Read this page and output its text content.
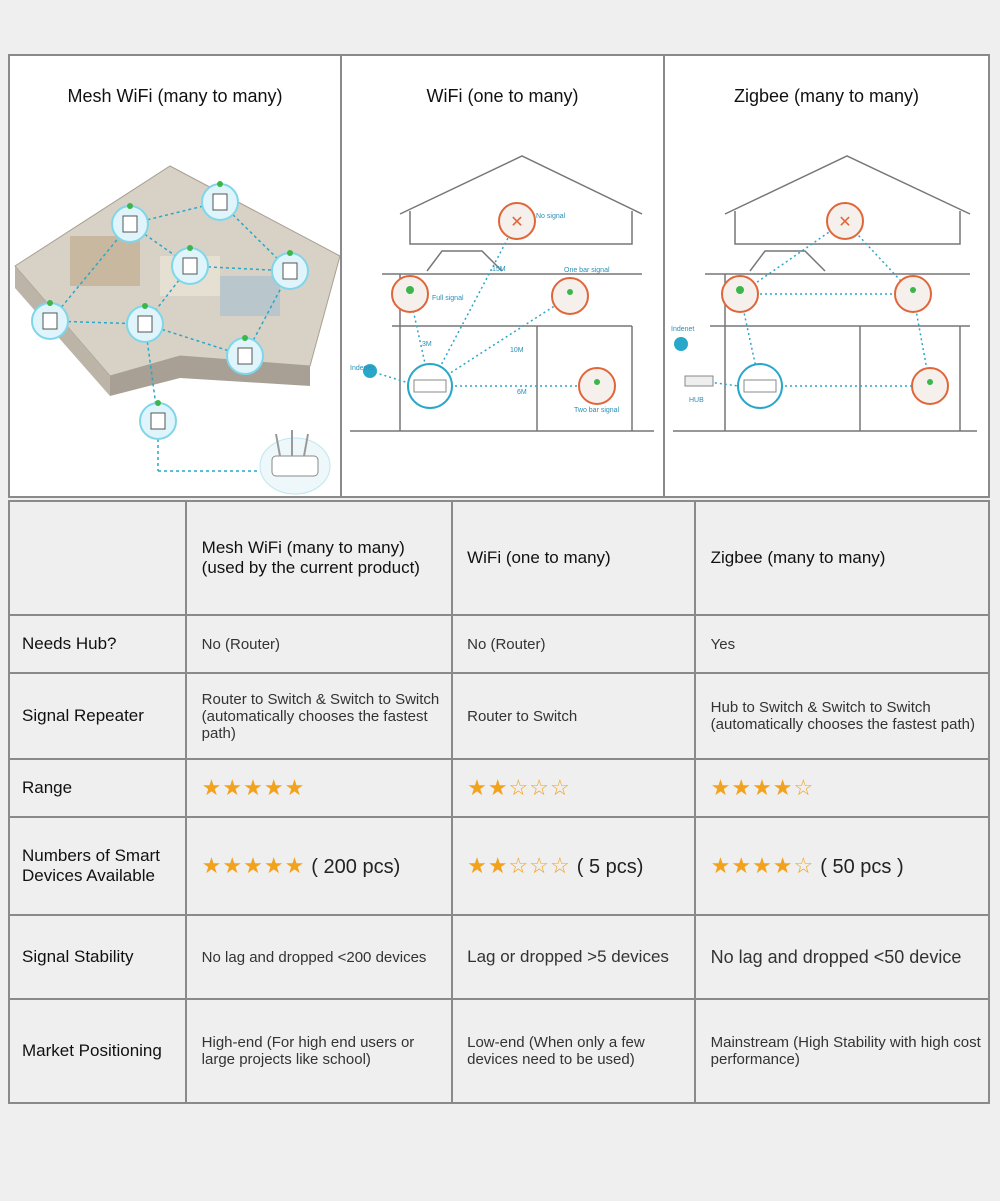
Mesh WiFi (many to many)	WiFi (one to many)
✕ No signal
One bar signal
Full signal
Two bar signal
Indenet
15M
3M
10M
6M
Zigbee (many to many)
✕
Indenet
HUB
	Mesh WiFi (many to many) (used by the current product)	WiFi (one to many)	Zigbee (many to many)
Needs Hub?	No (Router)	No (Router)	Yes
Signal Repeater	Router to Switch & Switch to Switch (automatically chooses the fastest path)	Router to Switch	Hub to Switch & Switch to Switch (automatically chooses the fastest path)
Range	★★★★★	★★☆☆☆	★★★★☆
Numbers of Smart Devices Available	★★★★★ ( 200 pcs)	★★☆☆☆ ( 5 pcs)	★★★★☆ ( 50 pcs )
Signal Stability	No lag and dropped <200 devices	Lag or dropped >5 devices	No lag and dropped <50 device
Market Positioning	High-end (For high end users or large projects like school)	Low-end (When only a few devices need to be used)	Mainstream (High Stability with high cost performance)
